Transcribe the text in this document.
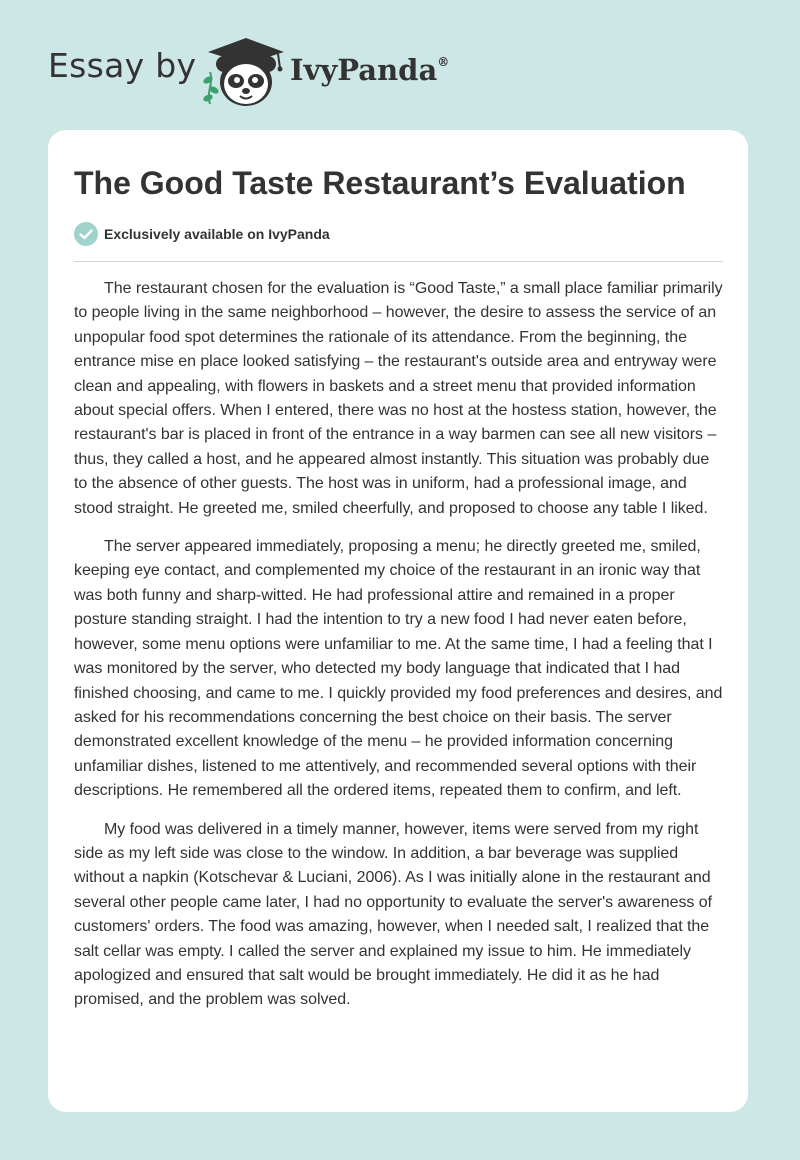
Essay by	IvyPanda®
The Good Taste Restaurant’s Evaluation
Exclusively available on IvyPanda

The restaurant chosen for the evaluation is “Good Taste,” a small place familiar primarily to people living in the same neighborhood – however, the desire to assess the service of an unpopular food spot determines the rationale of its attendance. From the beginning, the entrance mise en place looked satisfying – the restaurant's outside area and entryway were clean and appealing, with flowers in baskets and a street menu that provided information about special offers. When I entered, there was no host at the hostess station, however, the restaurant's bar is placed in front of the entrance in a way barmen can see all new visitors – thus, they called a host, and he appeared almost instantly. This situation was probably due to the absence of other guests. The host was in uniform, had a professional image, and stood straight. He greeted me, smiled cheerfully, and proposed to choose any table I liked.

The server appeared immediately, proposing a menu; he directly greeted me, smiled, keeping eye contact, and complemented my choice of the restaurant in an ironic way that was both funny and sharp-witted. He had professional attire and remained in a proper posture standing straight. I had the intention to try a new food I had never eaten before, however, some menu options were unfamiliar to me. At the same time, I had a feeling that I was monitored by the server, who detected my body language that indicated that I had finished choosing, and came to me. I quickly provided my food preferences and desires, and asked for his recommendations concerning the best choice on their basis. The server demonstrated excellent knowledge of the menu – he provided information concerning unfamiliar dishes, listened to me attentively, and recommended several options with their descriptions. He remembered all the ordered items, repeated them to confirm, and left.

My food was delivered in a timely manner, however, items were served from my right side as my left side was close to the window. In addition, a bar beverage was supplied without a napkin (Kotschevar & Luciani, 2006). As I was initially alone in the restaurant and several other people came later, I had no opportunity to evaluate the server's awareness of customers' orders. The food was amazing, however, when I needed salt, I realized that the salt cellar was empty. I called the server and explained my issue to him. He immediately apologized and ensured that salt would be brought immediately. He did it as he had promised, and the problem was solved.
